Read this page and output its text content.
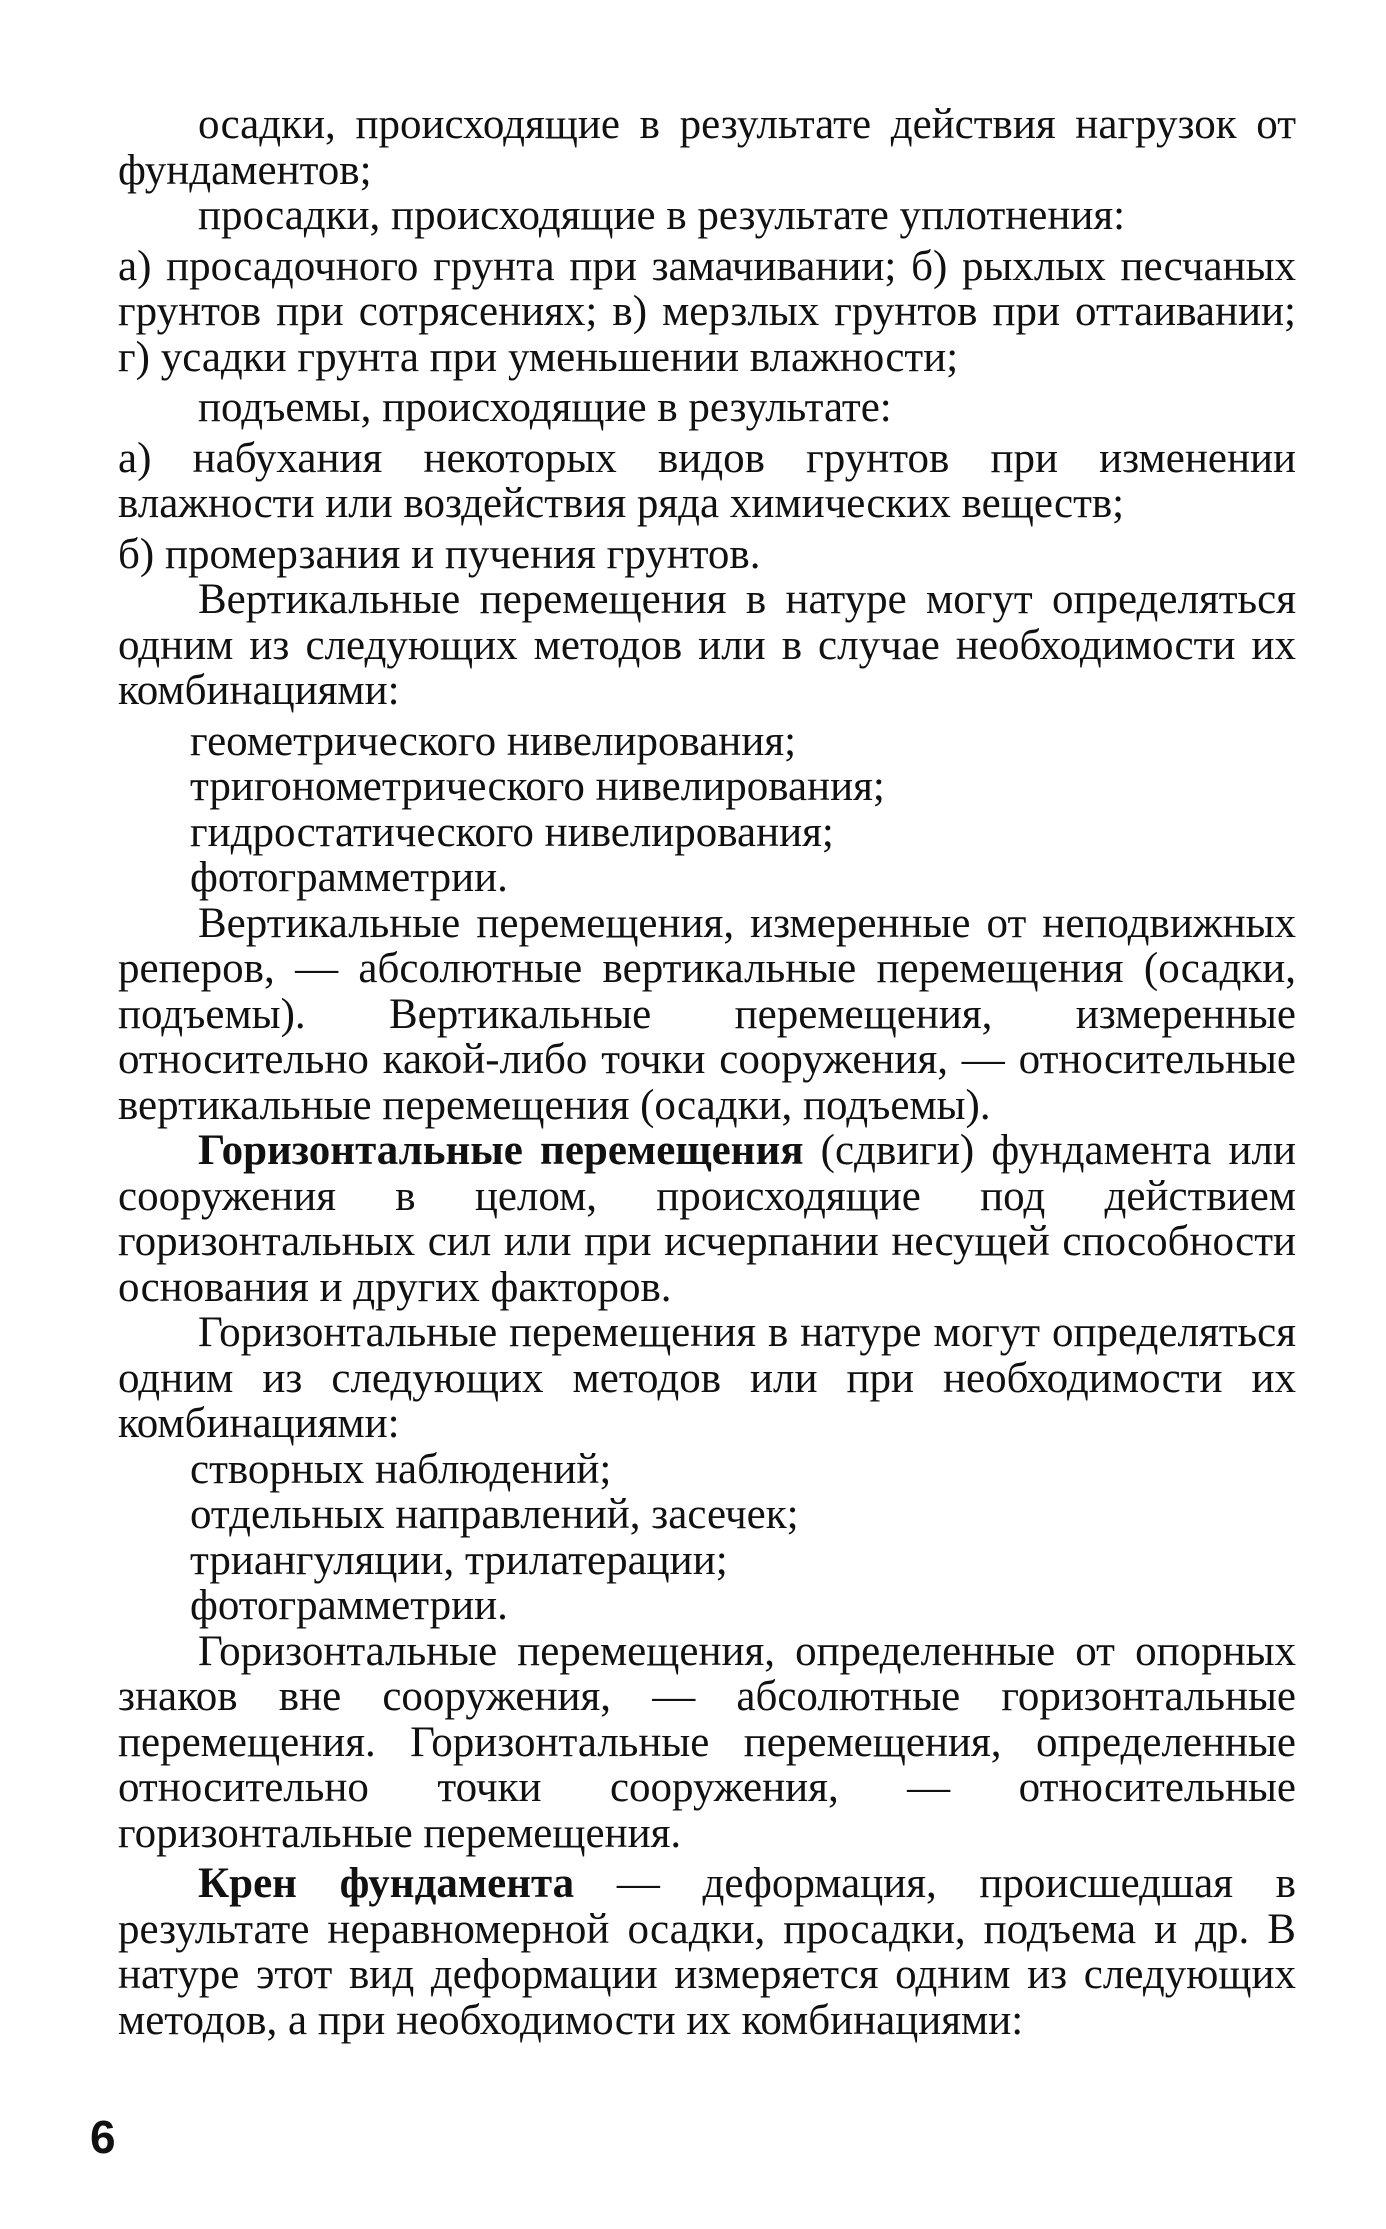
осадки, происходящие в результате действия нагрузок от фундаментов;

просадки, происходящие в результате уплотнения:

а) просадочного грунта при замачивании; б) рыхлых песчаных грунтов при сотрясениях; в) мерзлых грунтов при оттаивании; г) усадки грунта при уменьшении влажности;

подъемы, происходящие в результате:

а) набухания некоторых видов грунтов при изменении влажности или воздействия ряда химических веществ;

б) промерзания и пучения грунтов.

Вертикальные перемещения в натуре могут определяться одним из следующих методов или в случае необходимости их комбинациями:

геометрического нивелирования;

тригонометрического нивелирования;

гидростатического нивелирования;

фотограмметрии.

Вертикальные перемещения, измеренные от неподвижных реперов, — абсолютные вертикальные перемещения (осадки, подъемы). Вертикальные перемещения, измеренные относительно какой-либо точки сооружения, — относительные вертикальные перемещения (осадки, подъемы).

Горизонтальные перемещения (сдвиги) фундамента или сооружения в целом, происходящие под действием горизонтальных сил или при исчерпании несущей способности основания и других факторов.

Горизонтальные перемещения в натуре могут определяться одним из следующих методов или при необходимости их комбинациями:

створных наблюдений;

отдельных направлений, засечек;

триангуляции, трилатерации;

фотограмметрии.

Горизонтальные перемещения, определенные от опорных знаков вне сооружения, — абсолютные горизонтальные перемещения. Горизонтальные перемещения, определенные относительно точки сооружения, — относительные горизонтальные перемещения.

Крен фундамента — деформация, происшедшая в результате неравномерной осадки, просадки, подъема и др. В натуре этот вид деформации измеряется одним из следующих методов, а при необходимости их комбинациями:

6
